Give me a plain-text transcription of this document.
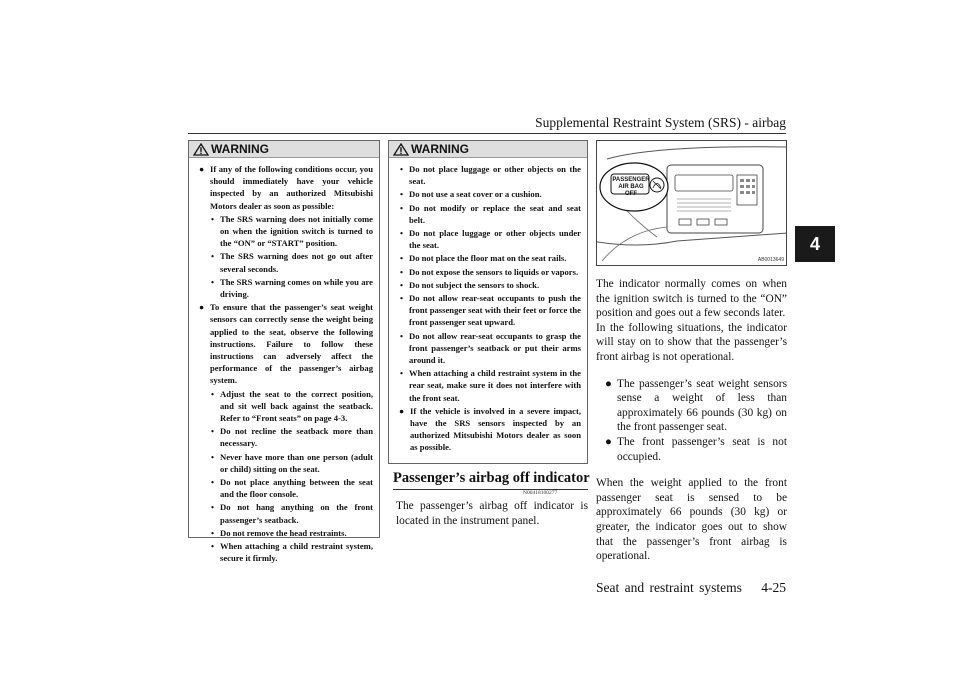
Supplemental Restraint System (SRS) - airbag
4
WARNING
● If any of the following conditions occur, you should immediately have your vehicle inspected by an authorized Mitsubishi Motors dealer as soon as possible:
• The SRS warning does not initially come on when the ignition switch is turned to the “ON” or “START” position.
• The SRS warning does not go out after several seconds.
• The SRS warning comes on while you are driving.
● To ensure that the passenger’s seat weight sensors can correctly sense the weight being applied to the seat, observe the following instructions. Failure to follow these instructions can adversely affect the performance of the passenger’s airbag system.
• Adjust the seat to the correct position, and sit well back against the seatback. Refer to “Front seats” on page 4-3.
• Do not recline the seatback more than necessary.
• Never have more than one person (adult or child) sitting on the seat.
• Do not place anything between the seat and the floor console.
• Do not hang anything on the front passenger’s seatback.
• Do not remove the head restraints.
• When attaching a child restraint system, secure it firmly.
WARNING
• Do not place luggage or other objects on the seat.
• Do not use a seat cover or a cushion.
• Do not modify or replace the seat and seat belt.
• Do not place luggage or other objects under the seat.
• Do not place the floor mat on the seat rails.
• Do not expose the sensors to liquids or vapors.
• Do not subject the sensors to shock.
• Do not allow rear-seat occupants to push the front passenger seat with their feet or force the front passenger seat upward.
• Do not allow rear-seat occupants to grasp the front passenger’s seatback or put their arms around it.
• When attaching a child restraint system in the rear seat, make sure it does not interfere with the front seat.
● If the vehicle is involved in a severe impact, have the SRS sensors inspected by an authorized Mitsubishi Motors dealer as soon as possible.
Passenger’s airbag off indicator
N00418100277
The passenger’s airbag off indicator is located in the instrument panel.
PASSENGER
AIR BAG OFF
AB0013649

The indicator normally comes on when the ignition switch is turned to the “ON” position and goes out a few seconds later.

In the following situations, the indicator will stay on to show that the passenger’s front airbag is not operational.

● The passenger’s seat weight sensors sense a weight of less than approximately 66 pounds (30 kg) on the front passenger seat.
● The front passenger’s seat is not occupied.

When the weight applied to the front passenger seat is sensed to be approximately 66 pounds (30 kg) or greater, the indicator goes out to show that the passenger’s front airbag is operational.

Seat and restraint systems 4-25
